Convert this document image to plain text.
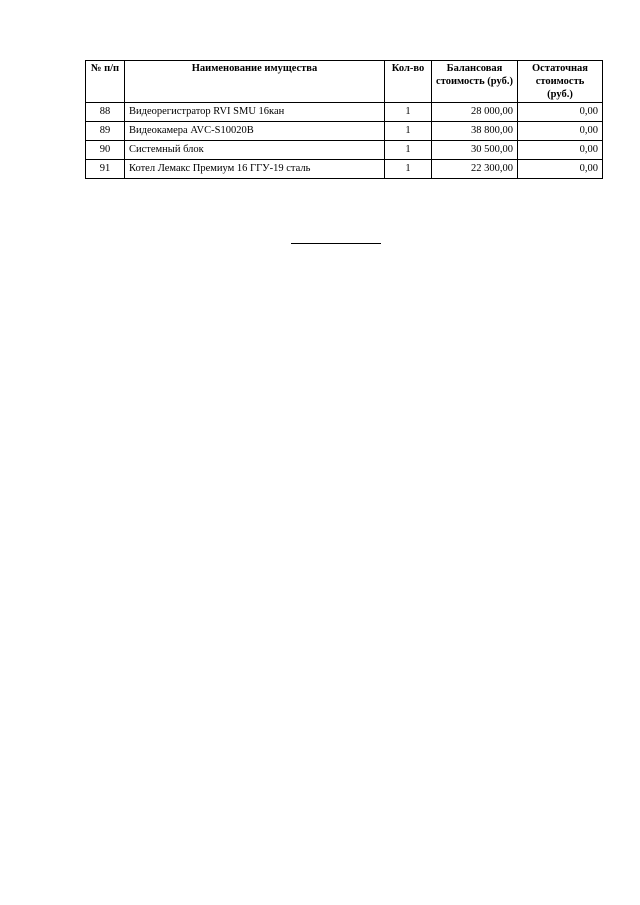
№ п/п	Наименование имущества	Кол-во	Балансовая стоимость (руб.)	Остаточная стоимость (руб.)
88	Видеорегистратор RVI SMU 16кан	1	28 000,00	0,00
89	Видеокамера AVC-S10020B	1	38 800,00	0,00
90	Системный блок	1	30 500,00	0,00
91	Котел Лемакс Премиум 16 ГГУ-19 сталь	1	22 300,00	0,00
